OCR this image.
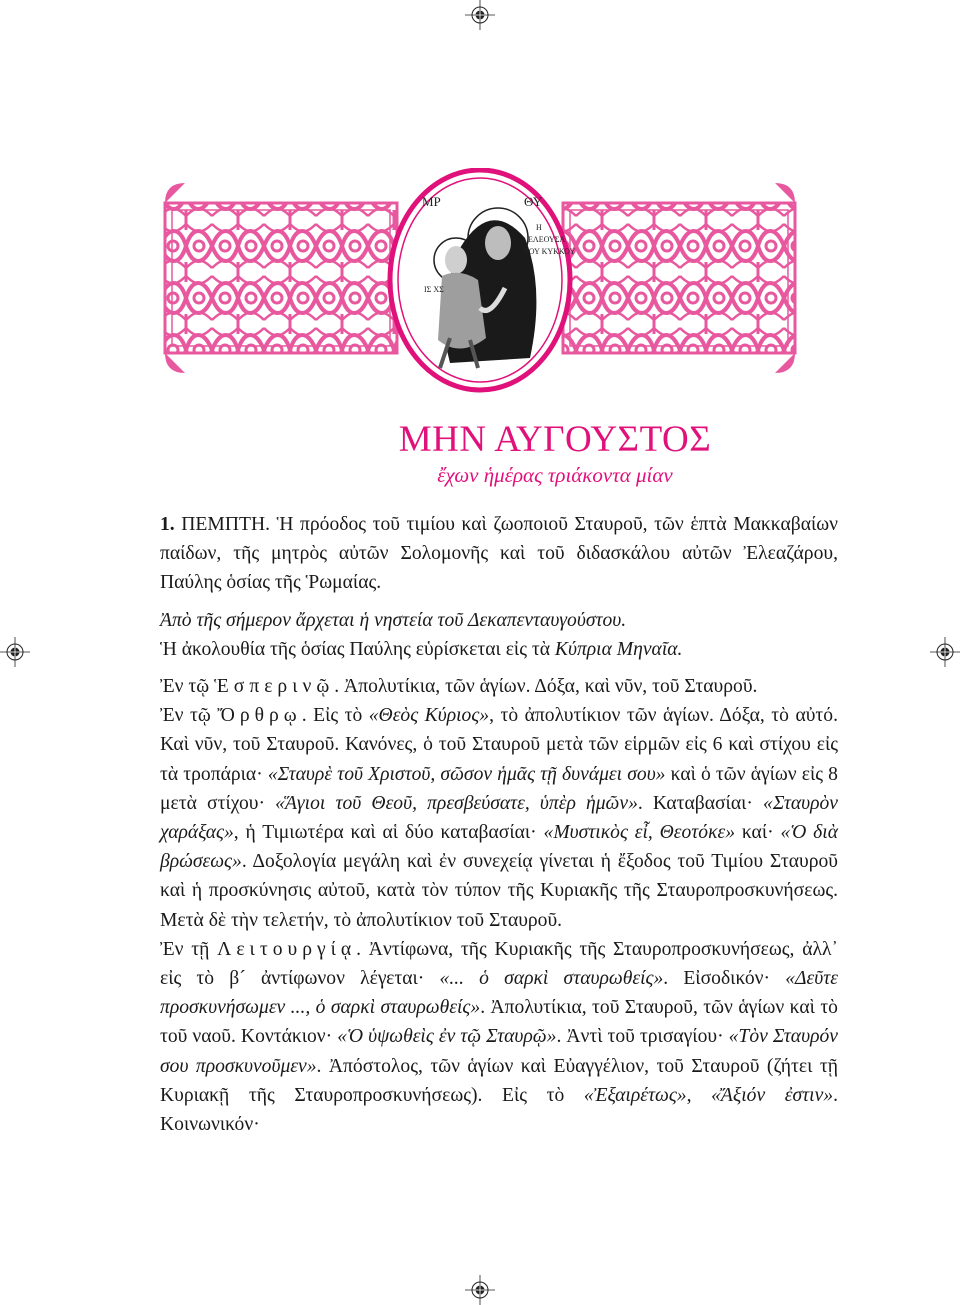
ΜΡ	ΘΥ
Η
ΕΛΕΟΥΣΑ
ΤΟΥ ΚΥΚΚΟΥ
ΙΣ ΧΣ
ΜΗΝ ΑΥΓΟΥΣΤΟΣ
ἔχων ἡμέρας τριάκοντα μίαν

1. ΠΕΜΠΤΗ. Ἡ πρόοδος τοῦ τιμίου καὶ ζωοποιοῦ Σταυροῦ, τῶν ἑπτὰ Μακκαβαίων παίδων, τῆς μητρὸς αὐτῶν Σολομονῆς καὶ τοῦ διδασκάλου αὐτῶν Ἐλεαζάρου, Παύλης ὁσίας τῆς Ῥωμαίας.

Ἀπὸ τῆς σήμερον ἄρχεται ἡ νηστεία τοῦ Δεκαπενταυγούστου.
Ἡ ἀκολουθία τῆς ὁσίας Παύλης εὑρίσκεται εἰς τὰ Κύπρια Μηναῖα.

Ἐν τῷ Ἑσπερινῷ. Ἀπολυτίκια, τῶν ἁγίων. Δόξα, καὶ νῦν, τοῦ Σταυροῦ.

Ἐν τῷ Ὄρθρῳ. Εἰς τὸ «Θεὸς Κύριος», τὸ ἀπολυτίκιον τῶν ἁγίων. Δόξα, τὸ αὐτό. Καὶ νῦν, τοῦ Σταυροῦ. Κανόνες, ὁ τοῦ Σταυροῦ μετὰ τῶν εἱρμῶν εἰς 6 καὶ στίχου εἰς τὰ τροπάρια· «Σταυρὲ τοῦ Χριστοῦ, σῶσον ἡμᾶς τῇ δυνάμει σου» καὶ ὁ τῶν ἁγίων εἰς 8 μετὰ στίχου· «Ἅγιοι τοῦ Θεοῦ, πρεσβεύσατε, ὑπὲρ ἡμῶν». Καταβασίαι· «Σταυρὸν χαράξας», ἡ Τιμιωτέρα καὶ αἱ δύο καταβασίαι· «Μυστικὸς εἶ, Θεοτόκε» καί· «Ὁ διὰ βρώσεως». Δοξολογία μεγάλη καὶ ἐν συνεχείᾳ γίνεται ἡ ἔξοδος τοῦ Τιμίου Σταυροῦ καὶ ἡ προσκύνησις αὐτοῦ, κατὰ τὸν τύπον τῆς Κυριακῆς τῆς Σταυροπροσκυνήσεως. Μετὰ δὲ τὴν τελετήν, τὸ ἀπολυτίκιον τοῦ Σταυροῦ.

Ἐν τῇ Λειτουργίᾳ. Ἀντίφωνα, τῆς Κυριακῆς τῆς Σταυροπροσκυνήσεως, ἀλλ᾽ εἰς τὸ β´ ἀντίφωνον λέγεται· «... ὁ σαρκὶ σταυρωθείς». Εἰσοδικόν· «Δεῦτε προσκυνήσωμεν ..., ὁ σαρκὶ σταυρωθείς». Ἀπολυτίκια, τοῦ Σταυροῦ, τῶν ἁγίων καὶ τὸ τοῦ ναοῦ. Κοντάκιον· «Ὁ ὑψωθεὶς ἐν τῷ Σταυρῷ». Ἀντὶ τοῦ τρισαγίου· «Τὸν Σταυρόν σου προσκυνοῦμεν». Ἀπόστολος, τῶν ἁγίων καὶ Εὐαγγέλιον, τοῦ Σταυροῦ (ζήτει τῇ Κυριακῇ τῆς Σταυροπροσκυνήσεως). Εἰς τὸ «Ἐξαιρέτως», «Ἄξιόν ἐστιν». Κοινωνικόν·
